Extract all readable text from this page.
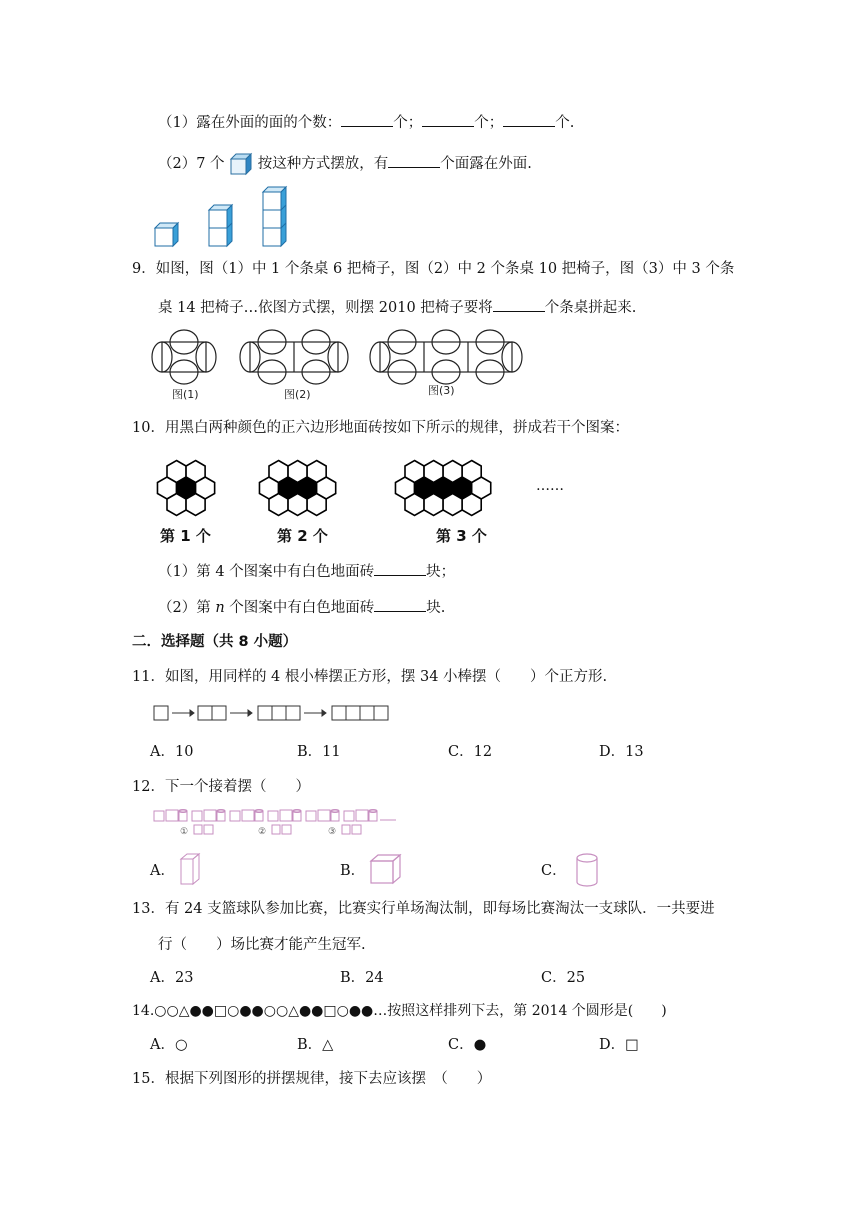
（1）露在外面的面的个数：	个；	个；	个.
（2）7 个 按这种方式摆放，有	个面露在外面.
9．如图，图（1）中 1 个条桌 6 把椅子，图（2）中 2 个条桌 10 把椅子，图（3）中 3 个条
桌 14 把椅子…依图方式摆，则摆 2010 把椅子要将	个条桌拼起来.
图(1)	图(2)	图(3)
10．用黑白两种颜色的正六边形地面砖按如下所示的规律，拼成若干个图案：
第 1 个	第 2 个	第 3 个
……
（1）第 4 个图案中有白色地面砖	块；
（2）第 n 个图案中有白色地面砖	块.
二．选择题（共 8 小题）
11．如图，用同样的 4 根小棒摆正方形，摆 34 小棒摆（　　）个正方形.
A．10	B．11	C．12	D．13
12．下一个接着摆（　　）
①	②	③
A．	B．	C．
13．有 24 支篮球队参加比赛，比赛实行单场淘汰制，即每场比赛淘汰一支球队．一共要进
行（　　）场比赛才能产生冠军.
A．23	B．24	C．25
14.○○△●●□○●●○○△●●□○●●…按照这样排列下去，第 2014 个圆形是(　　)
A．○	B．△	C．●	D．□
15．根据下列图形的拼摆规律，接下去应该摆　（　　）
